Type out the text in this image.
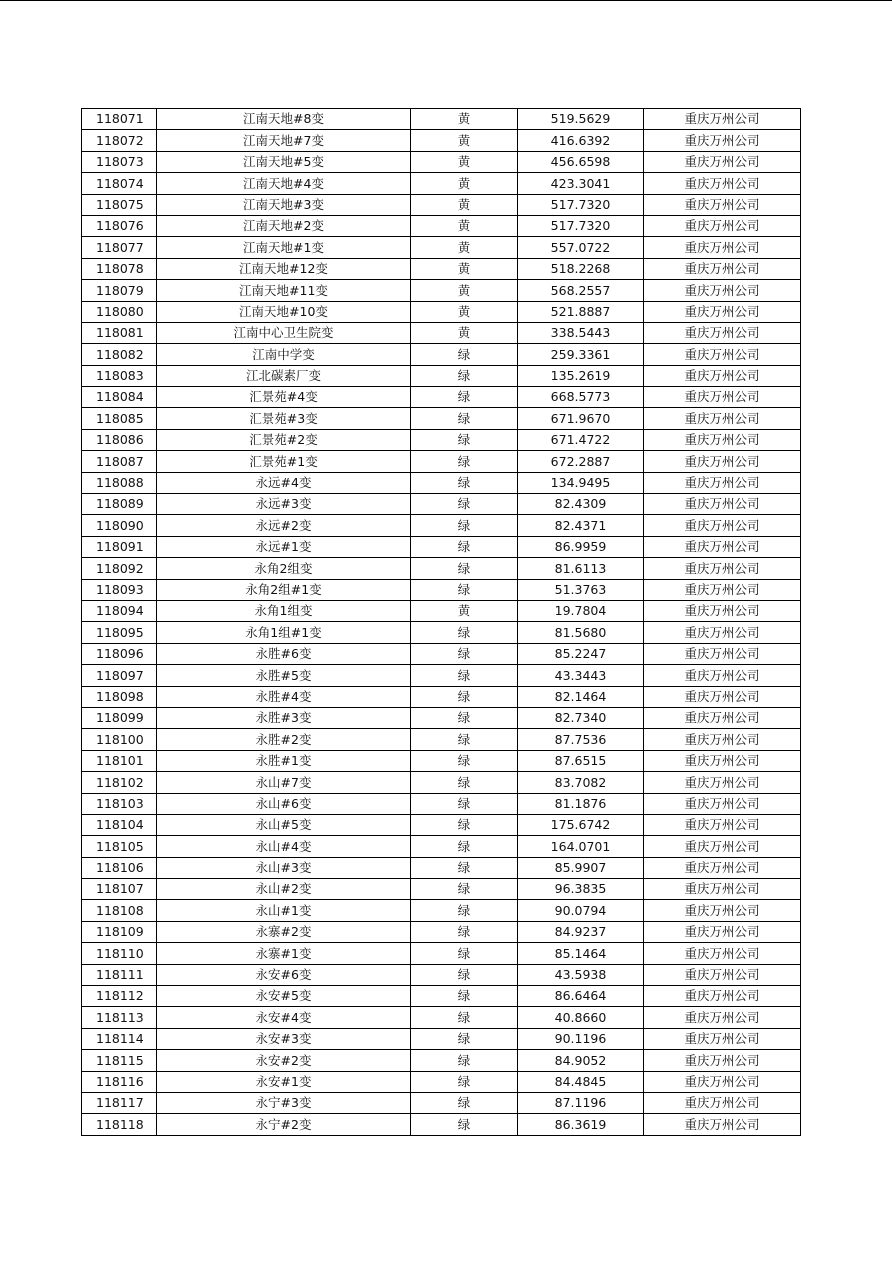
118071	江南天地#8变	黄	519.5629	重庆万州公司
118072	江南天地#7变	黄	416.6392	重庆万州公司
118073	江南天地#5变	黄	456.6598	重庆万州公司
118074	江南天地#4变	黄	423.3041	重庆万州公司
118075	江南天地#3变	黄	517.7320	重庆万州公司
118076	江南天地#2变	黄	517.7320	重庆万州公司
118077	江南天地#1变	黄	557.0722	重庆万州公司
118078	江南天地#12变	黄	518.2268	重庆万州公司
118079	江南天地#11变	黄	568.2557	重庆万州公司
118080	江南天地#10变	黄	521.8887	重庆万州公司
118081	江南中心卫生院变	黄	338.5443	重庆万州公司
118082	江南中学变	绿	259.3361	重庆万州公司
118083	江北碳素厂变	绿	135.2619	重庆万州公司
118084	汇景苑#4变	绿	668.5773	重庆万州公司
118085	汇景苑#3变	绿	671.9670	重庆万州公司
118086	汇景苑#2变	绿	671.4722	重庆万州公司
118087	汇景苑#1变	绿	672.2887	重庆万州公司
118088	永远#4变	绿	134.9495	重庆万州公司
118089	永远#3变	绿	82.4309	重庆万州公司
118090	永远#2变	绿	82.4371	重庆万州公司
118091	永远#1变	绿	86.9959	重庆万州公司
118092	永角2组变	绿	81.6113	重庆万州公司
118093	永角2组#1变	绿	51.3763	重庆万州公司
118094	永角1组变	黄	19.7804	重庆万州公司
118095	永角1组#1变	绿	81.5680	重庆万州公司
118096	永胜#6变	绿	85.2247	重庆万州公司
118097	永胜#5变	绿	43.3443	重庆万州公司
118098	永胜#4变	绿	82.1464	重庆万州公司
118099	永胜#3变	绿	82.7340	重庆万州公司
118100	永胜#2变	绿	87.7536	重庆万州公司
118101	永胜#1变	绿	87.6515	重庆万州公司
118102	永山#7变	绿	83.7082	重庆万州公司
118103	永山#6变	绿	81.1876	重庆万州公司
118104	永山#5变	绿	175.6742	重庆万州公司
118105	永山#4变	绿	164.0701	重庆万州公司
118106	永山#3变	绿	85.9907	重庆万州公司
118107	永山#2变	绿	96.3835	重庆万州公司
118108	永山#1变	绿	90.0794	重庆万州公司
118109	永寨#2变	绿	84.9237	重庆万州公司
118110	永寨#1变	绿	85.1464	重庆万州公司
118111	永安#6变	绿	43.5938	重庆万州公司
118112	永安#5变	绿	86.6464	重庆万州公司
118113	永安#4变	绿	40.8660	重庆万州公司
118114	永安#3变	绿	90.1196	重庆万州公司
118115	永安#2变	绿	84.9052	重庆万州公司
118116	永安#1变	绿	84.4845	重庆万州公司
118117	永宁#3变	绿	87.1196	重庆万州公司
118118	永宁#2变	绿	86.3619	重庆万州公司
